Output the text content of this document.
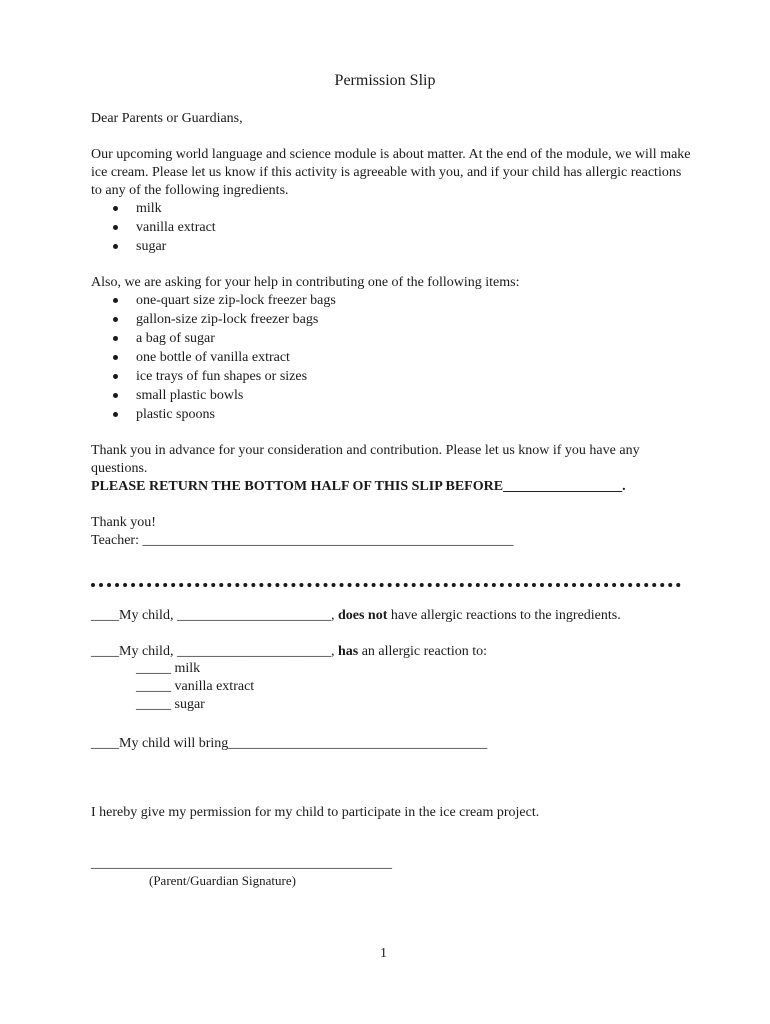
Permission Slip
Dear Parents or Guardians,
Our upcoming world language and science module is about matter. At the end of the module, we will make ice cream. Please let us know if this activity is agreeable with you, and if your child has allergic reactions to any of the following ingredients.
milk
vanilla extract
sugar
Also, we are asking for your help in contributing one of the following items:
one-quart size zip-lock freezer bags
gallon-size zip-lock freezer bags
a bag of sugar
one bottle of vanilla extract
ice trays of fun shapes or sizes
small plastic bowls
plastic spoons
Thank you in advance for your consideration and contribution. Please let us know if you have any questions.
PLEASE RETURN THE BOTTOM HALF OF THIS SLIP BEFORE_________________.
Thank you!
Teacher: _____________________________________________________
____My child, ______________________, does not have allergic reactions to the ingredients.
____My child, ______________________, has an allergic reaction to:
_____ milk
_____ vanilla extract
_____ sugar
____My child will bring_____________________________________
I hereby give my permission for my child to participate in the ice cream project.
___________________________________________
(Parent/Guardian Signature)
1
